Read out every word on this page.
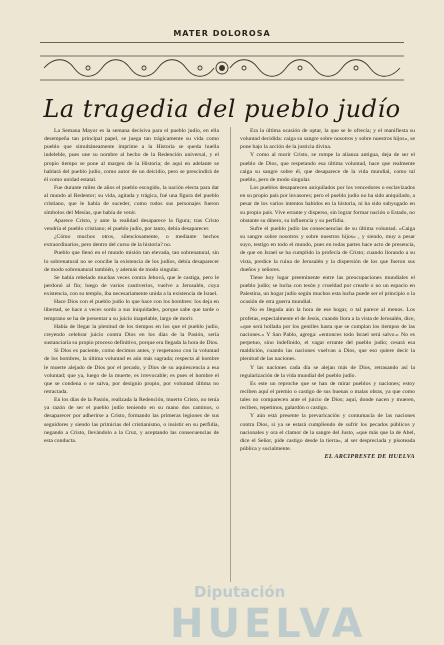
MATER DOLOROSA
La tragedia del pueblo judío

La Semana Mayor es la semana decisiva para el pueblo judío, en ella desempeña tan principal papel, se juega tan trágicamente su vida como pueblo que simultáneamente imprime a la Historia se queda huella indeleble, pues une su nombre al hecho de la Redención universal, y el propio tiempo se pone al margen de la Historia; de aquí en adelante se hablará del pueblo judío, como autor de un deicidio, pero se prescindirá de él como unidad estatal.

Fue durante miles de años el pueblo escogido, la nación electa para dar al mundo al Redentor; su vida, agitada y trágica, fué una figura del pueblo cristiano, que le había de suceder, como todos sus personajes fueron símbolos del Mesías, que había de venir.

Aparece Cristo, y ante la realidad desaparece la figura; tras Cristo vendría el pueblo cristiano; el pueblo judío, por tanto, debía desaparecer.

¿Cómo muchos otros, silenciosamente, o mediante hechos extraordinarios, pero dentro del curso de la historia? no.

Pueblo que llenó en el mundo misión tan elevada, tan sobrenatural, sin lo sobrenatural no se concibe la existencia de los judíos, debía desaparecer de modo sobrenatural también, y además de modo singular.

Se había rebelado muchas veces contra Jehová, que le castiga, pero le perdonó al fin; luego de varios cautiverios, vuelve a Jerusalén, cuya existencia, con su templo, iba necesariamente unida a la existencia de Israel.

Hace Dios con el pueblo judío lo que hace con los hombres: los deja en libertad, se hace a veces sordo a sus iniquidades, porque sabe que tarde o temprano se ha de presentar a su juicio inapelable, largo de morir.

Había de llegar la plenitud de los tiempos en los que el pueblo judío, creyendo celebrar juicio contra Dios en los días de la Pasión, sería sustanciaría su propio proceso definitivo, porque era llegada la hora de Dios.

Si Dios es paciente, como decimos antes, y respetuoso con la voluntad de los hombres, la última voluntad es aún más sagrada; respecta al hombre le muerte alejado de Dios por el pecado, y Dios de su aquiescencia a esa voluntad; que ya, luego de la muerte, es irrevocable; es pues el hombre el que se condena o se salva, por designio propio, por voluntad última no retractada.

En los días de la Pasión, realizada la Redención, muerto Cristo, no tenía ya razón de ser el pueblo judío teniendo en su mano dos caminos, o desaparecer por adherirse a Cristo, formando las primeras legiones de sus seguidores y siendo las primicias del cristianismo, o insistir en su perfidia, negando a Cristo, llevándolo a la Cruz, y aceptando las consecuencias de esta conducta.

Era la última ocasión de optar, la que se le ofrecía; y el manifiesta su voluntad decidida: caiga su sangre sobre nosotros y sobre nuestros hijos», se pone bajo la acción de la justicia divina.

Y como al morir Cristo, se rompe la alianza antigua, deja de ser el pueblo de Dios, que respetando esa última voluntad, hace que realmente caiga su sangre sobre él, que desaparece de la vida mundial, como tal pueblo, pero de modo singular.

Los pueblos desaparecen aniquilados por los vencedores o esclavizados en su propio país por invasores; pero el pueblo judío no ha sido aniquilado, a pesar de los varios intentos habidos en la historia, ni ha sido subyugado en su propio país. Vive errante y disperso, sin lograr formar nación o Estado, no obstante su dinero, su influencia y su perfidia.

Sufre el pueblo judío las consecuencias de su última voluntad. «Caiga su sangre sobre nosotros y sobre nuestros hijos» , y siendo, muy a pesar suyo, testigo en todo el mundo, pues en todas partes hace acto de presencia, de que en Israel se ha cumplido la profecía de Cristo; cuando llorando a su vista, predice la ruina de Jerusalén y la dispersión de los que fueron sus dueños y señores.

Tiene hoy lugar preeminente entre las preocupaciones mundiales el pueblo judío; se lucha con tesón y crueldad por crearle o no un espacio en Palestina, un hogar judío según muchos esta lucha puede ser el principio o la ocasión de otra guerra mundial.

No es llegada aún la hora de ese hogar, o tal parece al menos. Los profetas, especialmente el de Jesús, cuando llora a la vista de Jerusalén, dice, «que será hollada por los gentiles hasta que se cumplan los tiempos de las naciones.» Y San Pablo, agrega: «entonces todo Israel será salvo.» No es perpetuo, sino indefinido, el vagar errante del pueblo judío; cesará esa maldición, cuando las naciones vuelvan a Dios, que eso quiere decir la plenitud de las naciones.

Y las naciones cada día se alejan más de Dios, retrasando así la regularización de la vida mundial del pueblo judío.

Es este un reproche que se han de mirar pueblos y naciones; estoy reciben aquí el premio o castigo de sus buenas o malas obras, ya que como tales no comparecen ante el juicio de Dios; aquí, donde nacen y mueren, reciben, repetimos, galardón o castigo.

Y aún está presente la prevaricación y contumacia de las naciones contra Dios, si ya se estará cumpliendo de sufrir los pecados públicos y nacionales y ora el clamor de la sangre del Justo, «que más que la de Abel, dice el Señor, pide castigo desde la tierra», al ser despreciada y pisoteada pública y socialmente.

EL ARCIPRESTE DE HUELVA

Diputación
HUELVA
